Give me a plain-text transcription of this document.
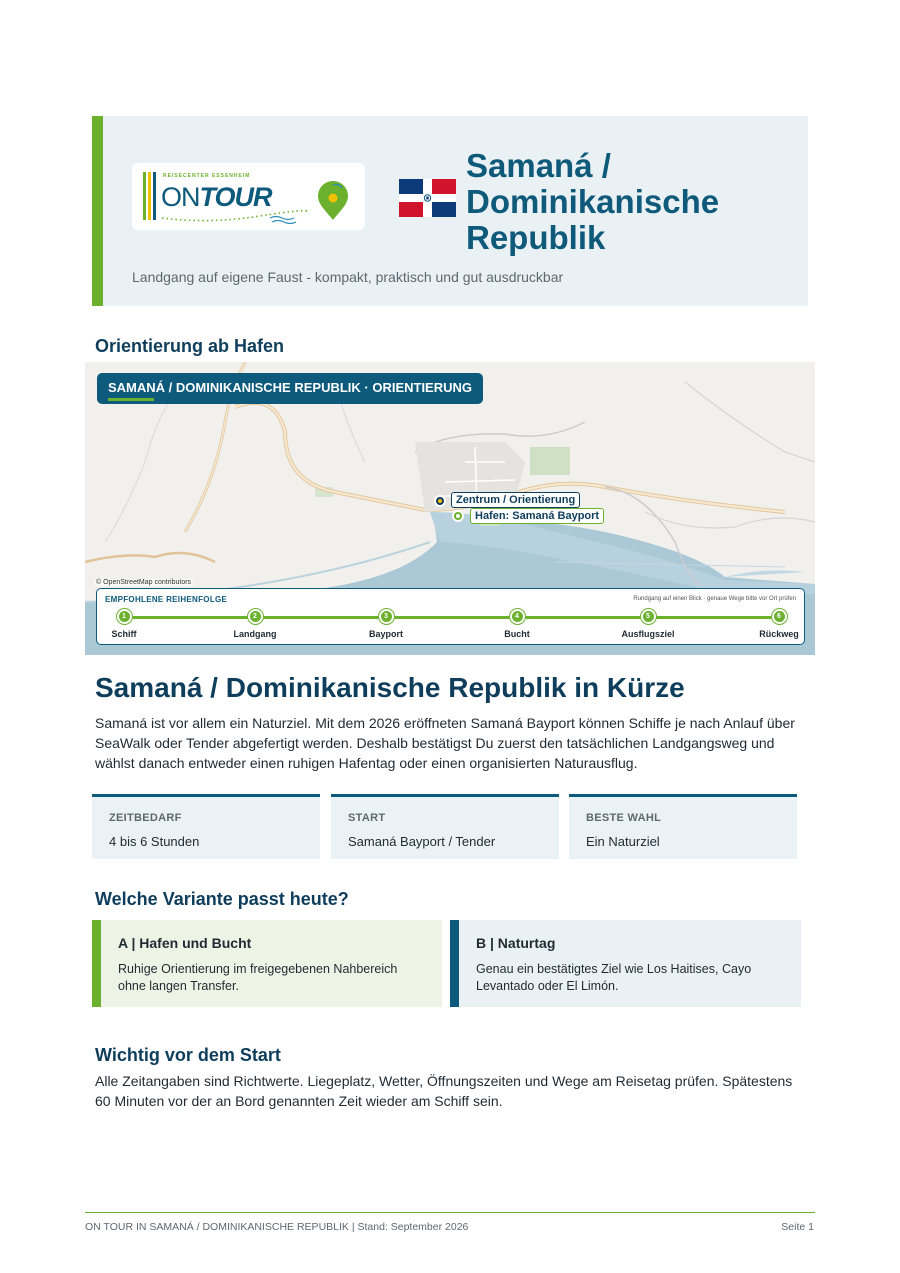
REISECENTER ESSENHEIM
ONTOUR
Samaná / Dominikanische Republik
Landgang auf eigene Faust - kompakt, praktisch und gut ausdruckbar
Orientierung ab Hafen
SAMANÁ / DOMINIKANISCHE REPUBLIK · ORIENTIERUNG
Zentrum / Orientierung
Hafen: Samaná Bayport
© OpenStreetMap contributors
EMPFOHLENE REIHENFOLGE	Rundgang auf einen Blick · genaue Wege bitte vor Ort prüfen
1
Schiff
2
Landgang
3
Bayport
4
Bucht
5
Ausflugsziel
6
Rückweg
Samaná / Dominikanische Republik in Kürze

Samaná ist vor allem ein Naturziel. Mit dem 2026 eröffneten Samaná Bayport können Schiffe je nach Anlauf über SeaWalk oder Tender abgefertigt werden. Deshalb bestätigst Du zuerst den tatsächlichen Landgangsweg und wählst danach entweder einen ruhigen Hafentag oder einen organisierten Naturausflug.

ZEITBEDARF
4 bis 6 Stunden
START
Samaná Bayport / Tender
BESTE WAHL
Ein Naturziel
Welche Variante passt heute?
A | Hafen und Bucht
Ruhige Orientierung im freigegebenen Nahbereich ohne langen Transfer.
B | Naturtag
Genau ein bestätigtes Ziel wie Los Haitises, Cayo Levantado oder El Limón.
Wichtig vor dem Start

Alle Zeitangaben sind Richtwerte. Liegeplatz, Wetter, Öffnungszeiten und Wege am Reisetag prüfen. Spätestens 60 Minuten vor der an Bord genannten Zeit wieder am Schiff sein.

ON TOUR IN SAMANÁ / DOMINIKANISCHE REPUBLIK | Stand: September 2026	Seite 1
